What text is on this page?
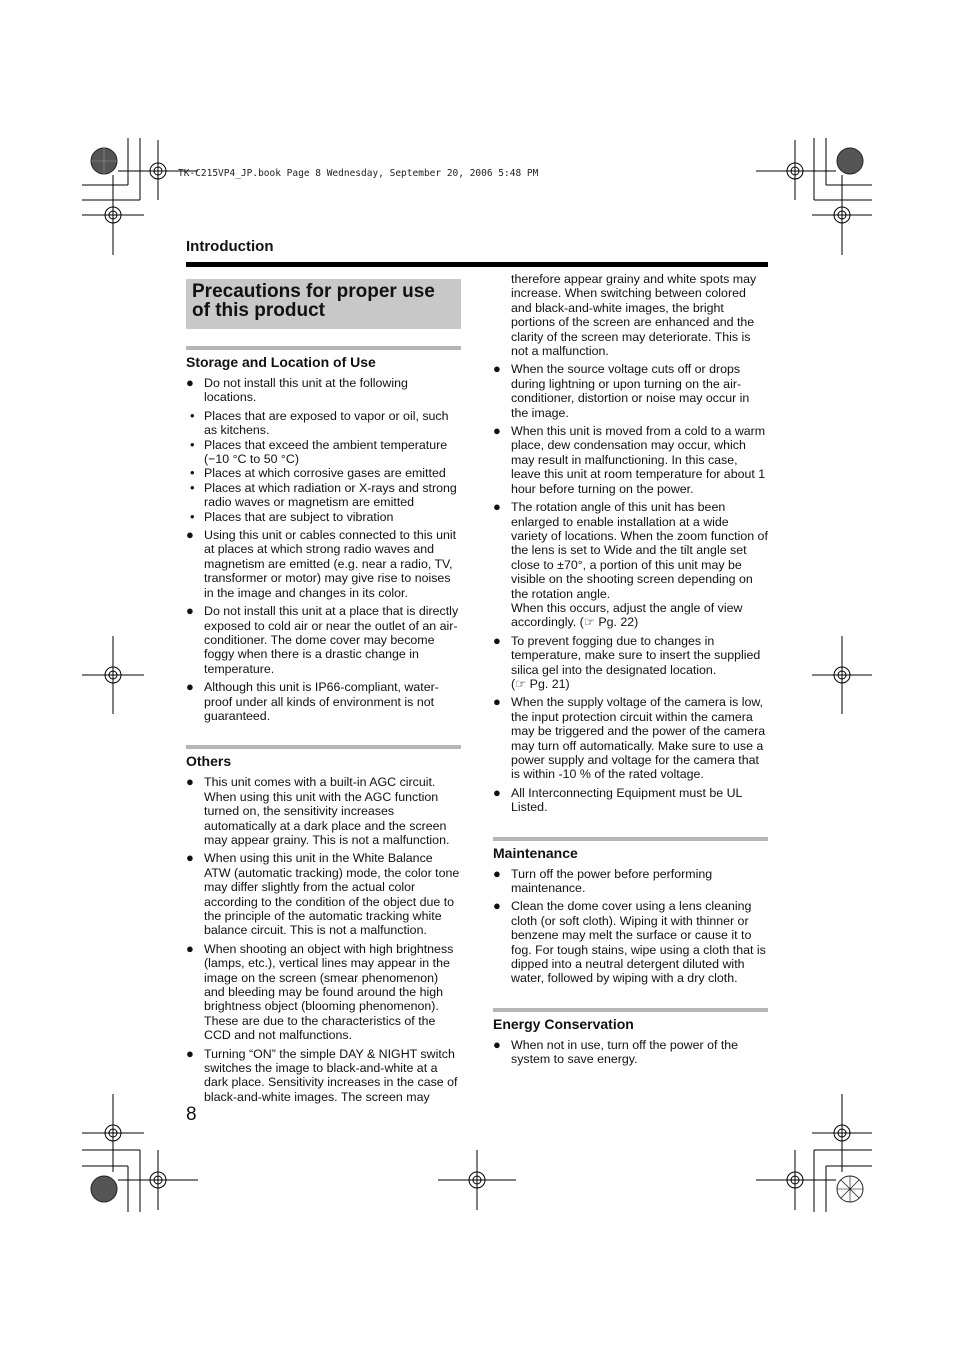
TK-C215VP4_JP.book Page 8 Wednesday, September 20, 2006 5:48 PM
Introduction
Precautions for proper use
of this product
Storage and Location of Use
● Do not install this unit at the following locations.
• Places that are exposed to vapor or oil, such as kitchens.
• Places that exceed the ambient temperature (−10 °C to 50 °C)
• Places at which corrosive gases are emitted
• Places at which radiation or X-rays and strong radio waves or magnetism are emitted
• Places that are subject to vibration
● Using this unit or cables connected to this unit at places at which strong radio waves and magnetism are emitted (e.g. near a radio, TV, transformer or motor) may give rise to noises in the image and changes in its color.
● Do not install this unit at a place that is directly exposed to cold air or near the outlet of an air-conditioner. The dome cover may become foggy when there is a drastic change in temperature.
● Although this unit is IP66-compliant, water-proof under all kinds of environment is not guaranteed.
Others
● This unit comes with a built-in AGC circuit. When using this unit with the AGC function turned on, the sensitivity increases automatically at a dark place and the screen may appear grainy. This is not a malfunction.
● When using this unit in the White Balance ATW (automatic tracking) mode, the color tone may differ slightly from the actual color according to the condition of the object due to the principle of the automatic tracking white balance circuit. This is not a malfunction.
● When shooting an object with high brightness (lamps, etc.), vertical lines may appear in the image on the screen (smear phenomenon) and bleeding may be found around the high brightness object (blooming phenomenon). These are due to the characteristics of the CCD and not malfunctions.
● Turning “ON” the simple DAY & NIGHT switch switches the image to black-and-white at a dark place. Sensitivity increases in the case of black-and-white images. The screen may
therefore appear grainy and white spots may increase. When switching between colored and black-and-white images, the bright portions of the screen are enhanced and the clarity of the screen may deteriorate. This is not a malfunction.
● When the source voltage cuts off or drops during lightning or upon turning on the air-conditioner, distortion or noise may occur in the image.
● When this unit is moved from a cold to a warm place, dew condensation may occur, which may result in malfunctioning. In this case, leave this unit at room temperature for about 1 hour before turning on the power.
● The rotation angle of this unit has been enlarged to enable installation at a wide variety of locations. When the zoom function of the lens is set to Wide and the tilt angle set close to ±70°, a portion of this unit may be visible on the shooting screen depending on the rotation angle.
When this occurs, adjust the angle of view accordingly. (☞ Pg. 22)
● To prevent fogging due to changes in temperature, make sure to insert the supplied silica gel into the designated location.
(☞ Pg. 21)
● When the supply voltage of the camera is low, the input protection circuit within the camera may be triggered and the power of the camera may turn off automatically. Make sure to use a power supply and voltage for the camera that is within -10 % of the rated voltage.
● All Interconnecting Equipment must be UL Listed.
Maintenance
● Turn off the power before performing maintenance.
● Clean the dome cover using a lens cleaning cloth (or soft cloth). Wiping it with thinner or benzene may melt the surface or cause it to fog. For tough stains, wipe using a cloth that is dipped into a neutral detergent diluted with water, followed by wiping with a dry cloth.
Energy Conservation
● When not in use, turn off the power of the system to save energy.
8
